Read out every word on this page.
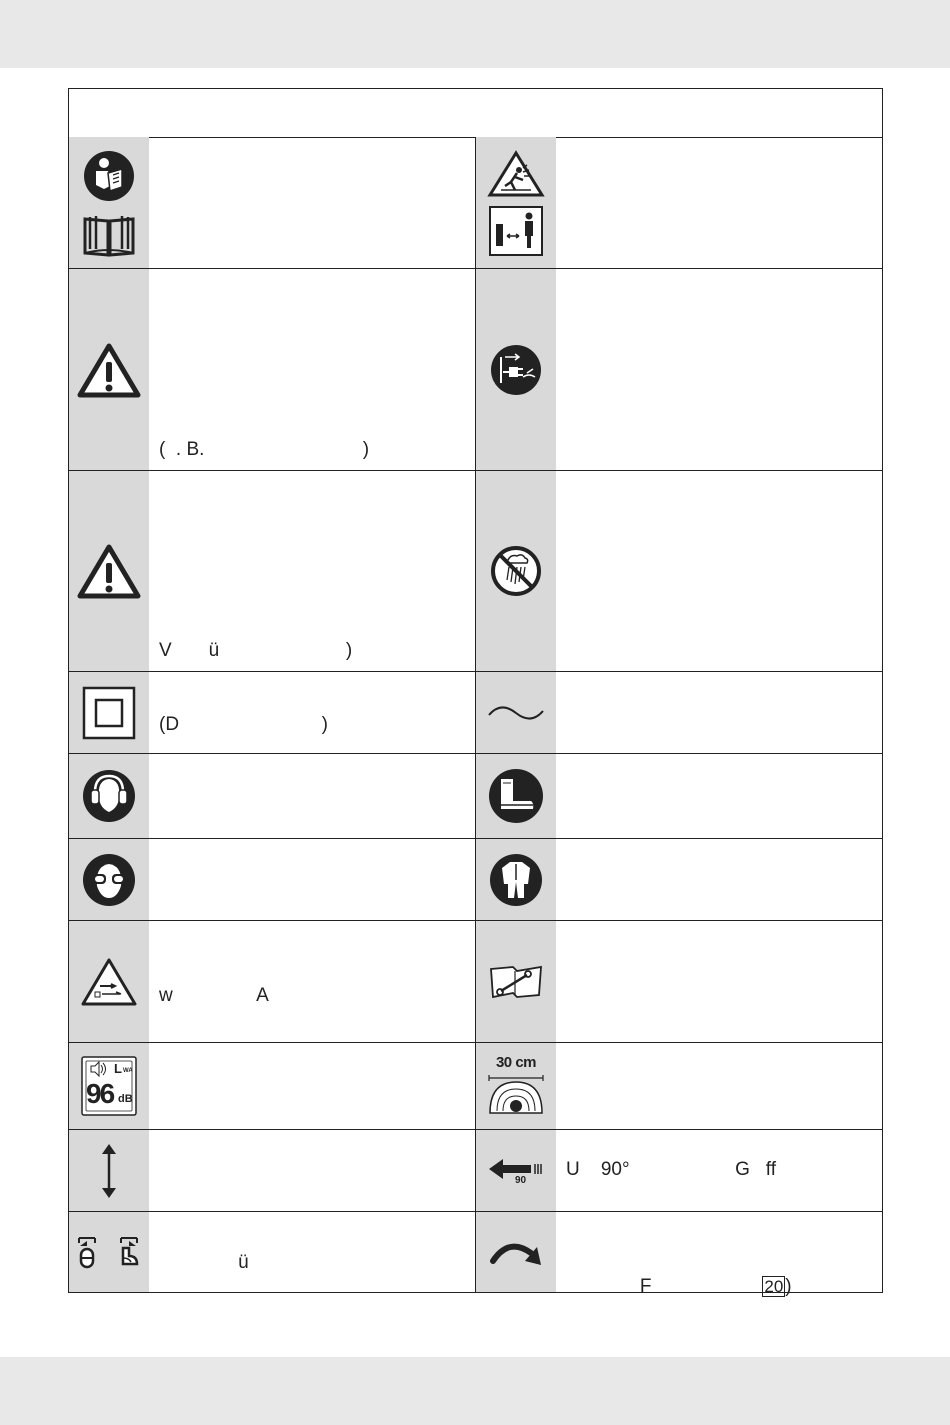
(  . B.                              )
V       ü                        )
(D                           )
w                A
L WA
96 dB
30 cm
90 U    90°                    G   ff
ü

F                     20 )
